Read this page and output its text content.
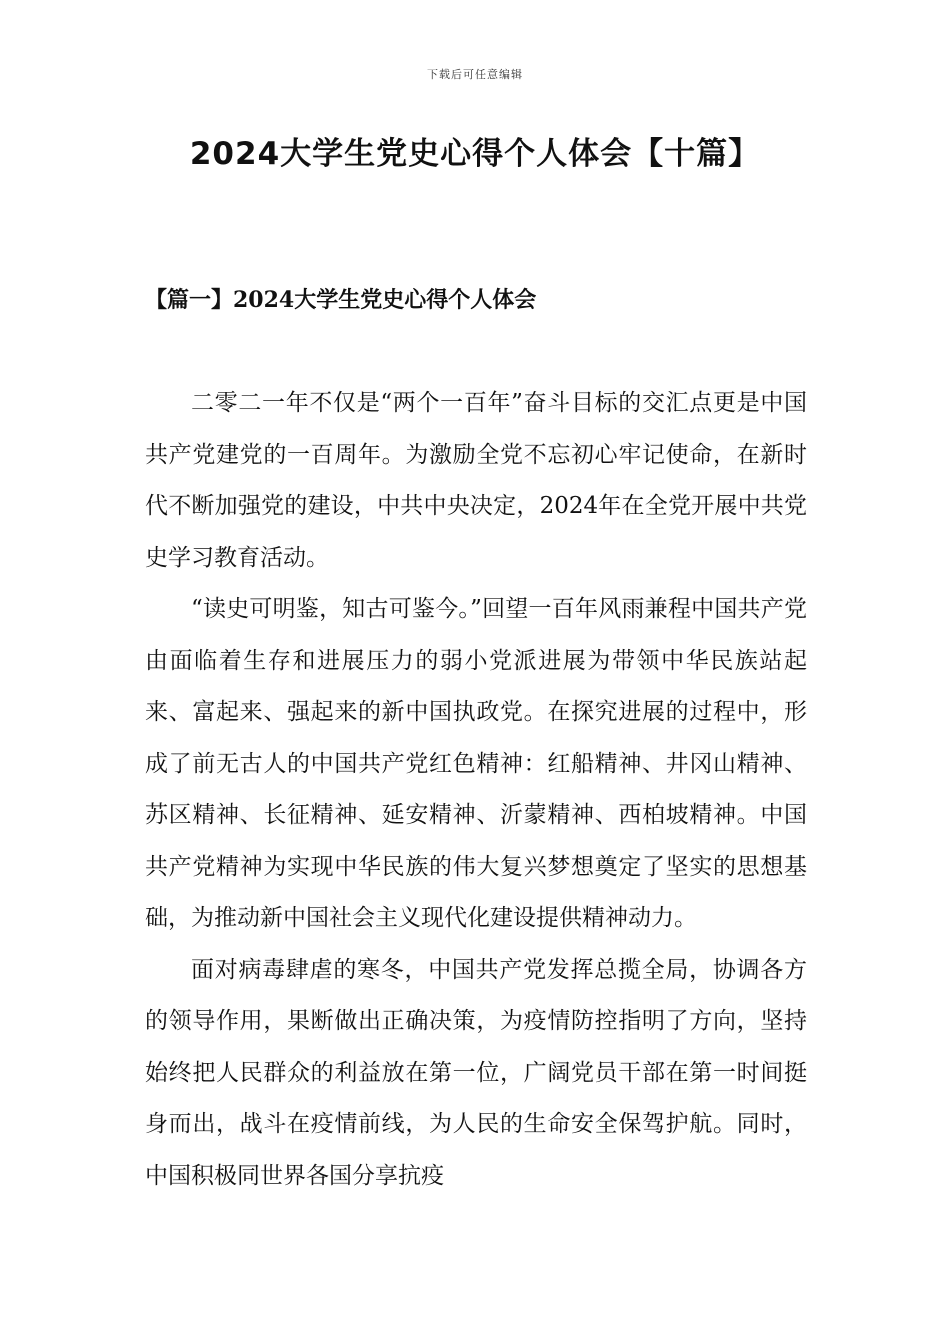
下载后可任意编辑
2024大学生党史心得个人体会【十篇】
【篇一】2024大学生党史心得个人体会

二零二一年不仅是“两个一百年”奋斗目标的交汇点更是中国共产党建党的一百周年。为激励全党不忘初心牢记使命，在新时代不断加强党的建设，中共中央决定，2024年在全党开展中共党史学习教育活动。

“读史可明鉴，知古可鉴今。”回望一百年风雨兼程中国共产党由面临着生存和进展压力的弱小党派进展为带领中华民族站起来、富起来、强起来的新中国执政党。在探究进展的过程中，形成了前无古人的中国共产党红色精神：红船精神、井冈山精神、苏区精神、长征精神、延安精神、沂蒙精神、西柏坡精神。中国共产党精神为实现中华民族的伟大复兴梦想奠定了坚实的思想基础，为推动新中国社会主义现代化建设提供精神动力。

面对病毒肆虐的寒冬，中国共产党发挥总揽全局，协调各方的领导作用，果断做出正确决策，为疫情防控指明了方向，坚持始终把人民群众的利益放在第一位，广阔党员干部在第一时间挺身而出，战斗在疫情前线，为人民的生命安全保驾护航。同时，中国积极同世界各国分享抗疫
